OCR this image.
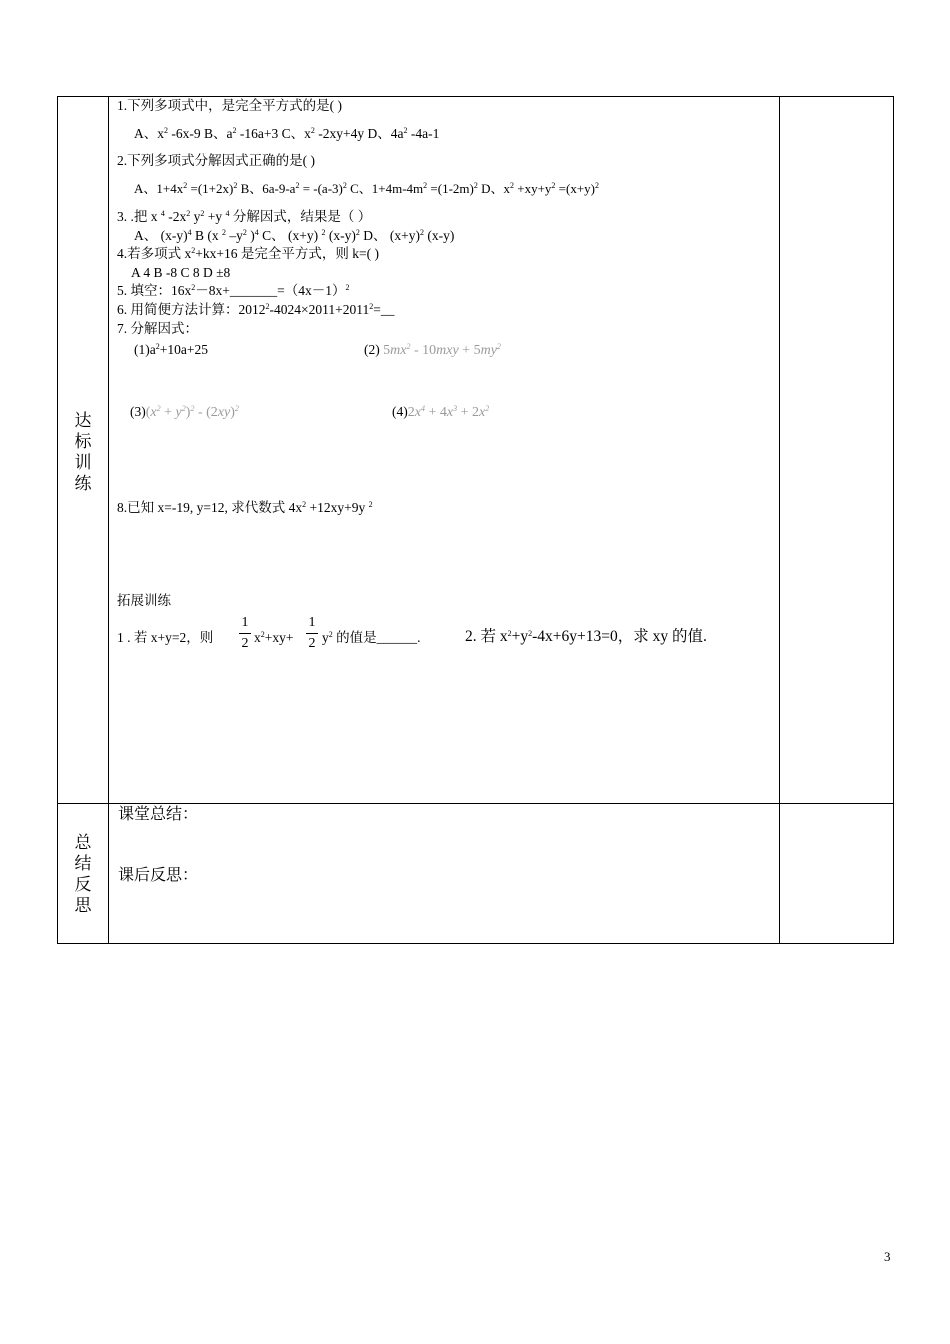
达标训练
总结反思
1.下列多项式中，是完全平方式的是( )
A、$x^2$ -6x-9 B、$a^2$ -16a+3 C、$x^2$ -2xy+4y D、$4a^2$ -4a-1
2.下列多项式分解因式正确的是( )
A、$1+4x^2 =(1+2x)^2$ B、$6a-9-a^2 = -(a-3)^2$ C、$1+4m-4m^2 =(1-2m)^2$ D、$x^2 +xy+y^2 =(x+y)^2$
3. .把 x $^4$ $-2x^2$ $y^2 +y$ $^4$ 分解因式，结果是（ ）
A、 $(x-y)^4$ B (x $^2$ $-y^2$ )$^4$ C、 (x+y) $^2$ $(x-y)^2$ D、 $(x+y)^2$ (x-y)
4.若多项式 $x^2+kx+16$ 是完全平方式，则 k=( )
A 4 B -8 C 8 D ±8
5. 填空：$16x^2-8x+\_\_\_\_\_\_\_=(4x-1)^2$
6. 用简便方法计算：$2012^2-4024\times 2011+2011^2=\_\_$
7. 分解因式：
$(1)a^2+10a+25$	(2) $5mx^2 - 10mxy + 5my^2$
$(3)(x^2 + y^2)^2 - (2xy)^2$	$(4)2x^4 + 4x^3 + 2x^2$
8.已知 x=-19, y=12, 求代数式 $4x^2 +12xy+9y$ $^2$
拓展训练
1 . 若 x+y=2，则
1
2 $x^2+xy+$
1
2 $y^2$ 的值是______.	2. 若 $x^2+y^2-4x+6y+13=0$，求 xy 的值.
课堂总结：
课后反思：
3
